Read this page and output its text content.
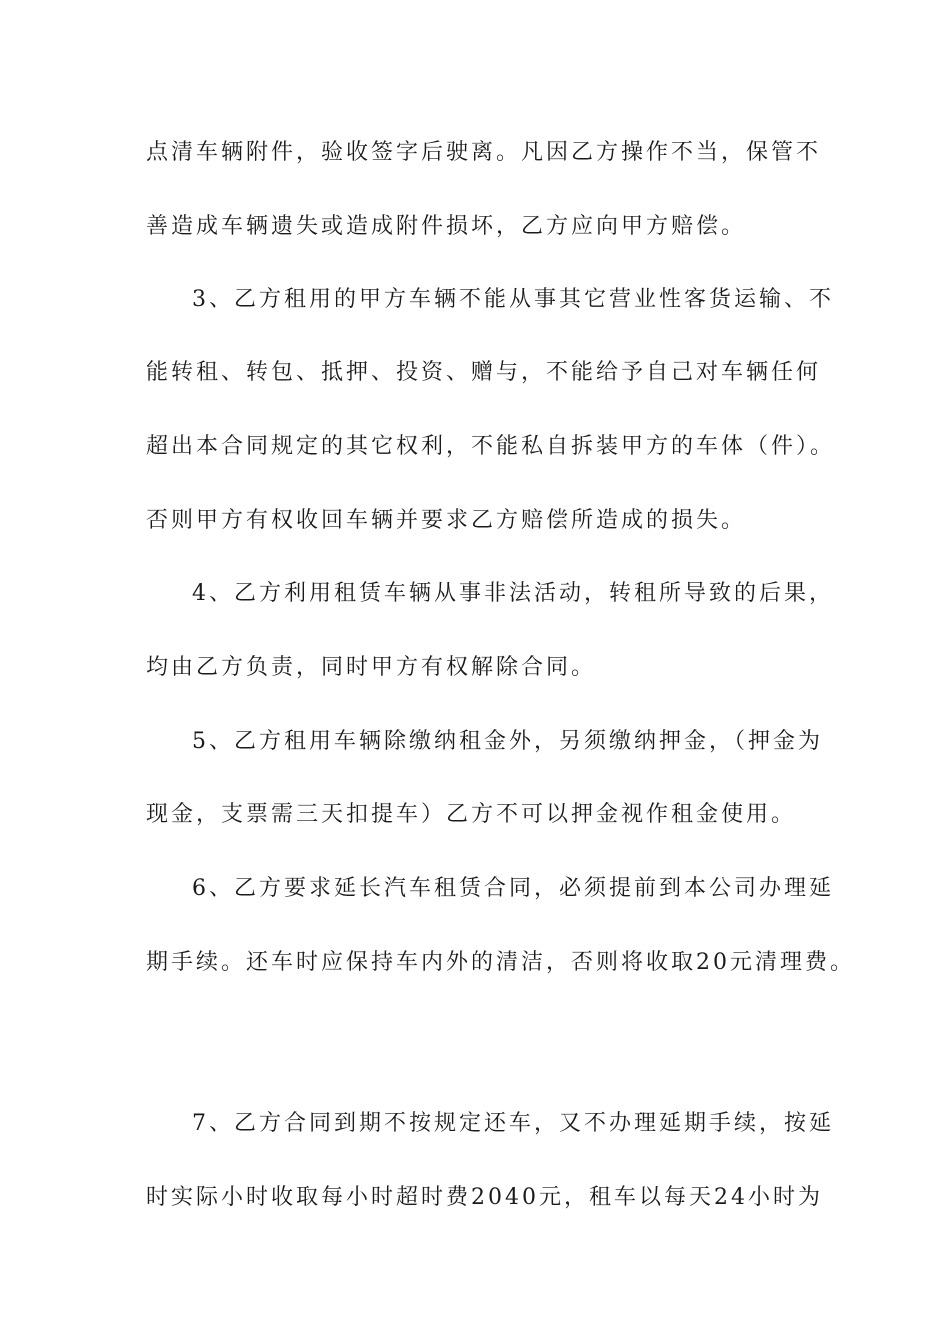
点清车辆附件，验收签字后驶离。凡因乙方操作不当，保管不
善造成车辆遗失或造成附件损坏，乙方应向甲方赔偿。
3、乙方租用的甲方车辆不能从事其它营业性客货运输、不
能转租、转包、抵押、投资、赠与，不能给予自己对车辆任何
超出本合同规定的其它权利，不能私自拆装甲方的车体（件）。
否则甲方有权收回车辆并要求乙方赔偿所造成的损失。
4、乙方利用租赁车辆从事非法活动，转租所导致的后果，
均由乙方负责，同时甲方有权解除合同。
5、乙方租用车辆除缴纳租金外，另须缴纳押金，（押金为
现金，支票需三天扣提车）乙方不可以押金视作租金使用。
6、乙方要求延长汽车租赁合同，必须提前到本公司办理延
期手续。还车时应保持车内外的清洁，否则将收取20元清理费。
7、乙方合同到期不按规定还车，又不办理延期手续，按延
时实际小时收取每小时超时费2040元，租车以每天24小时为
